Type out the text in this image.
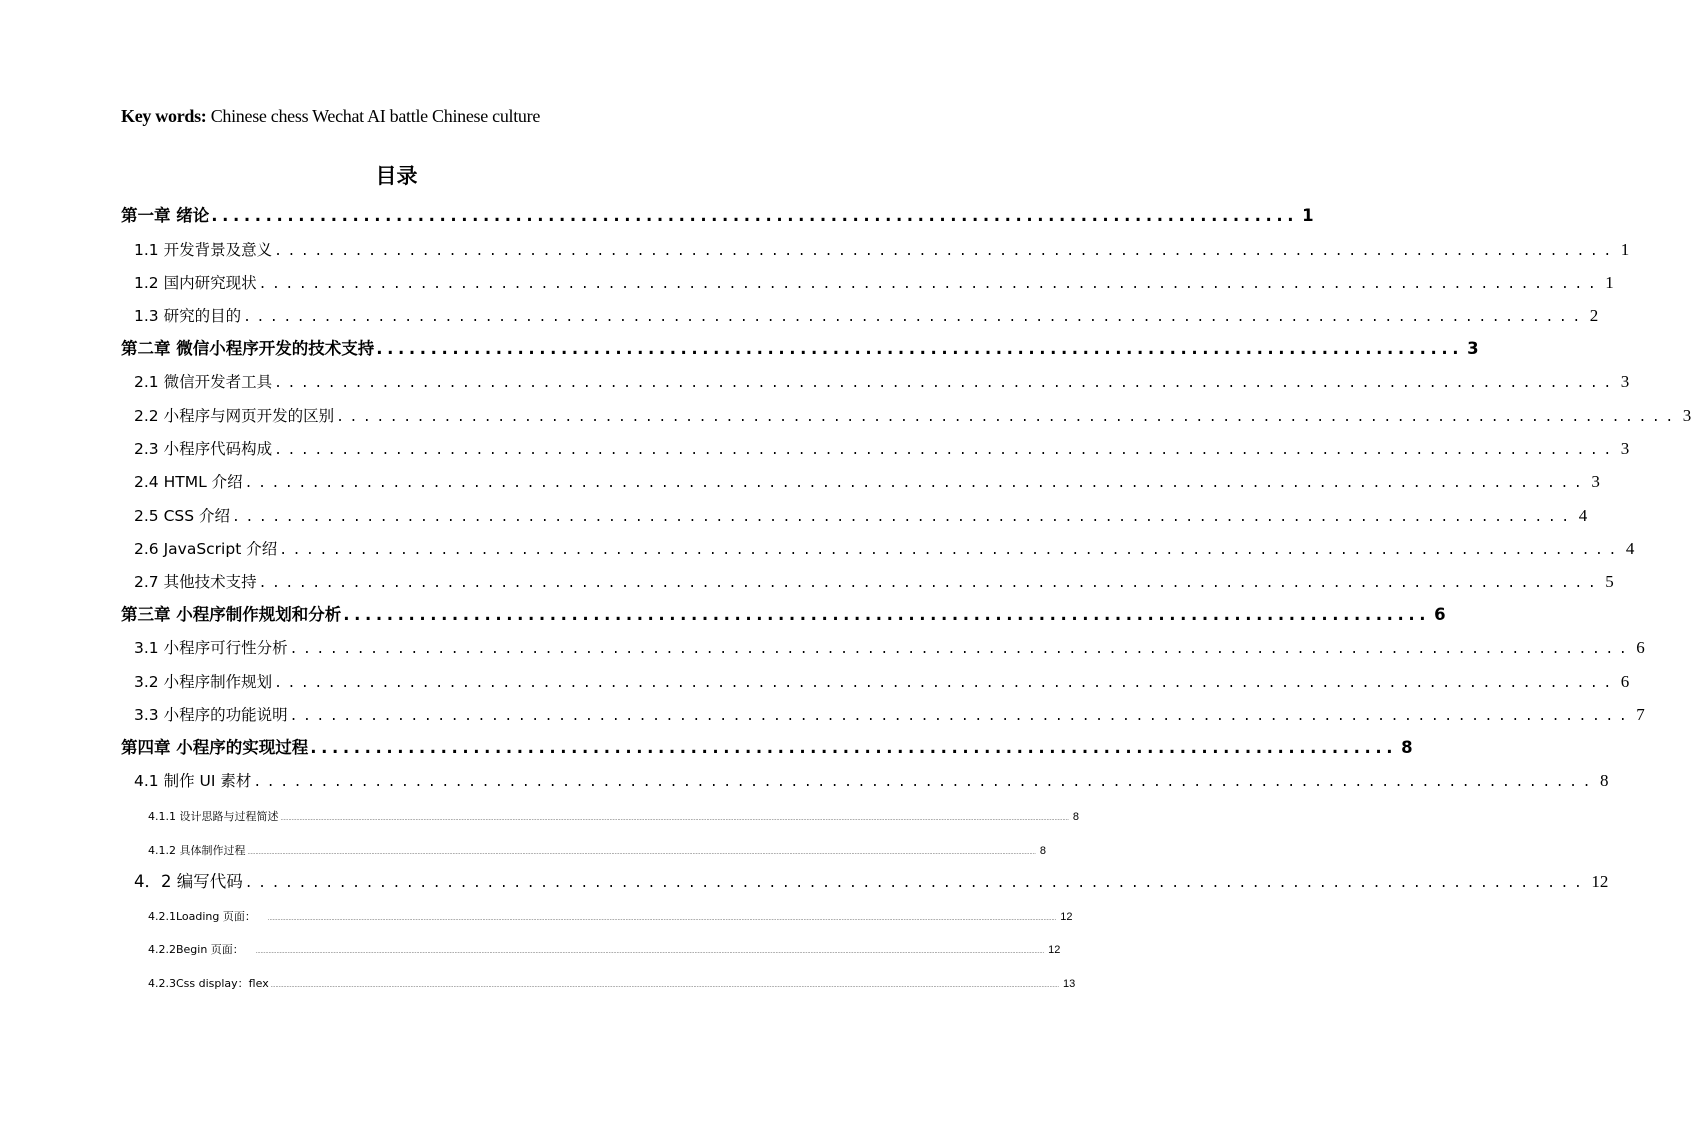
Key words: Chinese chess Wechat AI battle Chinese culture
目录
第一章 绪论 .................................................................................................... 1
1.1 开发背景及意义 .................................................................................................... 1
1.2 国内研究现状 .................................................................................................... 1
1.3 研究的目的 .................................................................................................... 2
第二章 微信小程序开发的技术支持 .................................................................................................... 3
2.1 微信开发者工具 .................................................................................................... 3
2.2 小程序与网页开发的区别 .................................................................................................... 3
2.3 小程序代码构成 .................................................................................................... 3
2.4 HTML 介绍 .................................................................................................... 3
2.5 CSS 介绍 .................................................................................................... 4
2.6 JavaScript 介绍 .................................................................................................... 4
2.7 其他技术支持 .................................................................................................... 5
第三章 小程序制作规划和分析 .................................................................................................... 6
3.1 小程序可行性分析 .................................................................................................... 6
3.2 小程序制作规划 .................................................................................................... 6
3.3 小程序的功能说明 .................................................................................................... 7
第四章 小程序的实现过程 .................................................................................................... 8
4.1 制作 UI 素材 .................................................................................................... 8
4.1.1 设计思路与过程简述 ................................................................................................................................................................................................................................................................................................................................................................................................................................................................................................................ 8
4.1.2 具体制作过程 ................................................................................................................................................................................................................................................................................................................................................................................................................................................................................................................ 8
4．2 编写代码 .................................................................................................... 12
4.2.1Loading 页面：	................................................................................................................................................................................................................................................................................................................................................................................................................................................................................................................ 12
4.2.2Begin 页面：	................................................................................................................................................................................................................................................................................................................................................................................................................................................................................................................ 12
4.2.3Css display：flex ................................................................................................................................................................................................................................................................................................................................................................................................................................................................................................................ 13
